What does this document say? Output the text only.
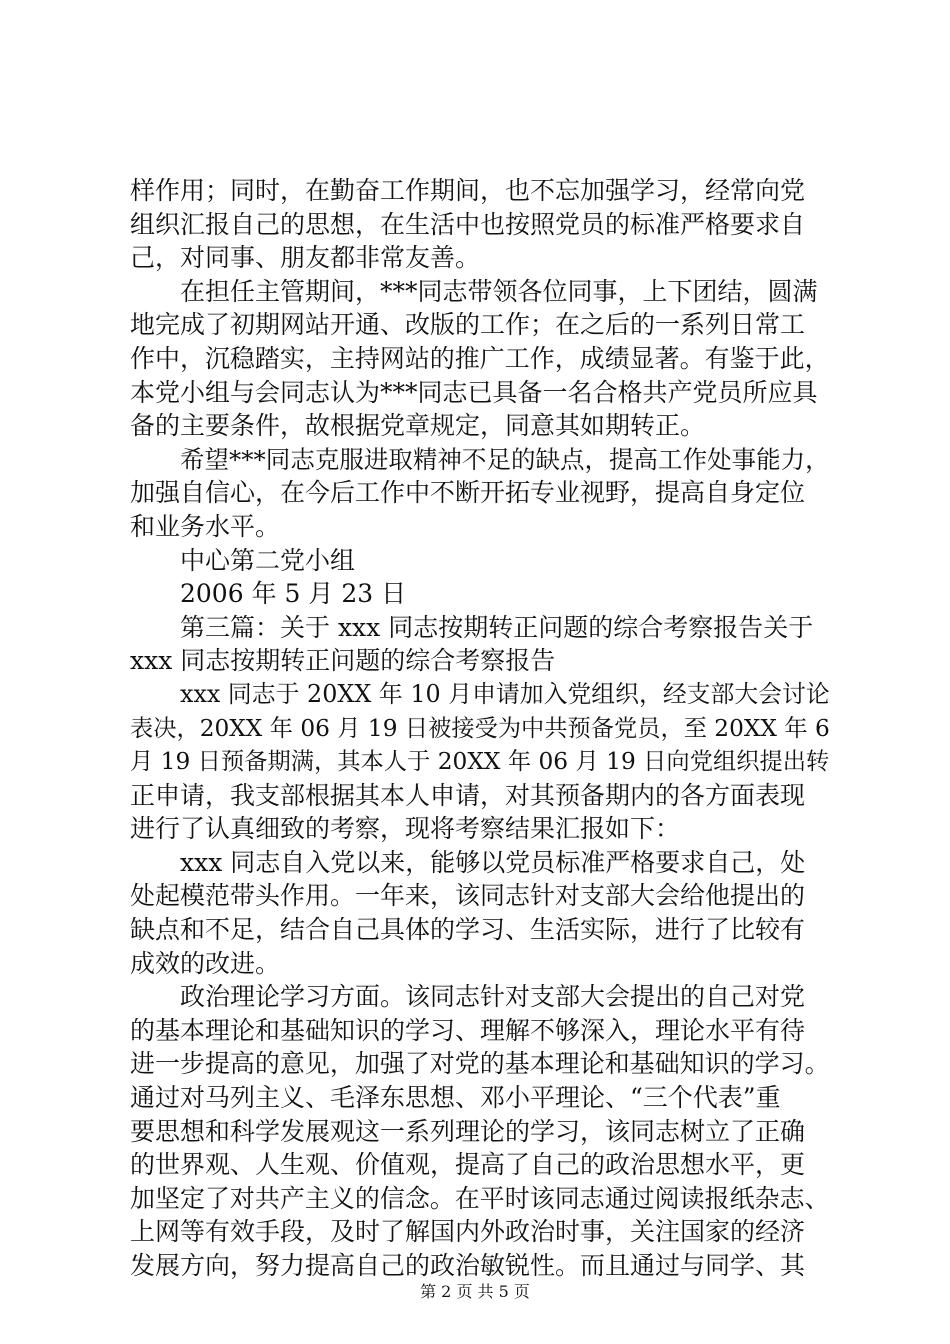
样作用；同时，在勤奋工作期间，也不忘加强学习，经常向党
组织汇报自己的思想，在生活中也按照党员的标准严格要求自
己，对同事、朋友都非常友善。
在担任主管期间，***同志带领各位同事，上下团结，圆满
地完成了初期网站开通、改版的工作；在之后的一系列日常工
作中，沉稳踏实，主持网站的推广工作，成绩显著。有鉴于此，
本党小组与会同志认为***同志已具备一名合格共产党员所应具
备的主要条件，故根据党章规定，同意其如期转正。
希望***同志克服进取精神不足的缺点，提高工作处事能力，
加强自信心，在今后工作中不断开拓专业视野，提高自身定位
和业务水平。
中心第二党小组
2006 年 5 月 23 日
第三篇：关于 xxx 同志按期转正问题的综合考察报告关于
xxx 同志按期转正问题的综合考察报告
xxx 同志于 20XX 年 10 月申请加入党组织，经支部大会讨论
表决，20XX 年 06 月 19 日被接受为中共预备党员，至 20XX 年 6
月 19 日预备期满，其本人于 20XX 年 06 月 19 日向党组织提出转
正申请，我支部根据其本人申请，对其预备期内的各方面表现
进行了认真细致的考察，现将考察结果汇报如下：
xxx 同志自入党以来，能够以党员标准严格要求自己，处
处起模范带头作用。一年来，该同志针对支部大会给他提出的
缺点和不足，结合自己具体的学习、生活实际，进行了比较有
成效的改进。
政治理论学习方面。该同志针对支部大会提出的自己对党
的基本理论和基础知识的学习、理解不够深入，理论水平有待
进一步提高的意见，加强了对党的基本理论和基础知识的学习。
通过对马列主义、毛泽东思想、邓小平理论、“三个代表”重
要思想和科学发展观这一系列理论的学习，该同志树立了正确
的世界观、人生观、价值观，提高了自己的政治思想水平，更
加坚定了对共产主义的信念。在平时该同志通过阅读报纸杂志、
上网等有效手段，及时了解国内外政治时事，关注国家的经济
发展方向，努力提高自己的政治敏锐性。而且通过与同学、其
第 2 页 共 5 页
